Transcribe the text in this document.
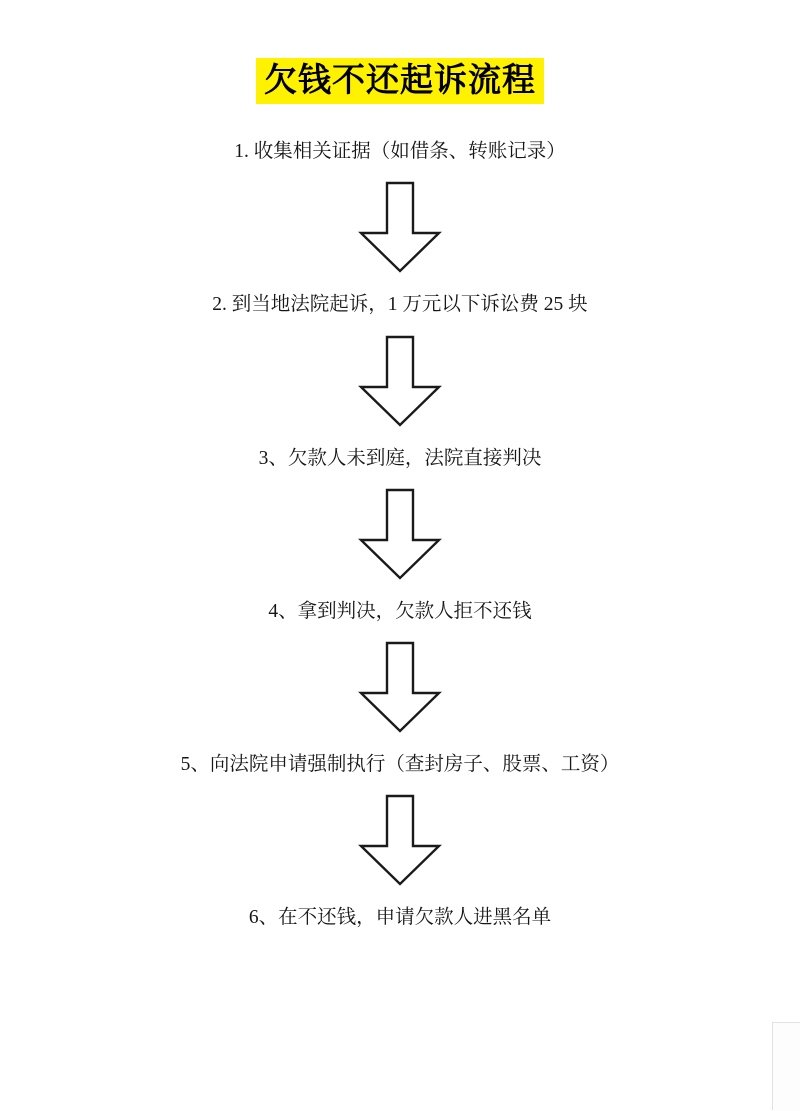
欠钱不还起诉流程
1. 收集相关证据（如借条、转账记录）
2. 到当地法院起诉，1 万元以下诉讼费 25 块
3、欠款人未到庭，法院直接判决
4、拿到判决，欠款人拒不还钱
5、向法院申请强制执行（查封房子、股票、工资）
6、在不还钱，申请欠款人进黑名单
